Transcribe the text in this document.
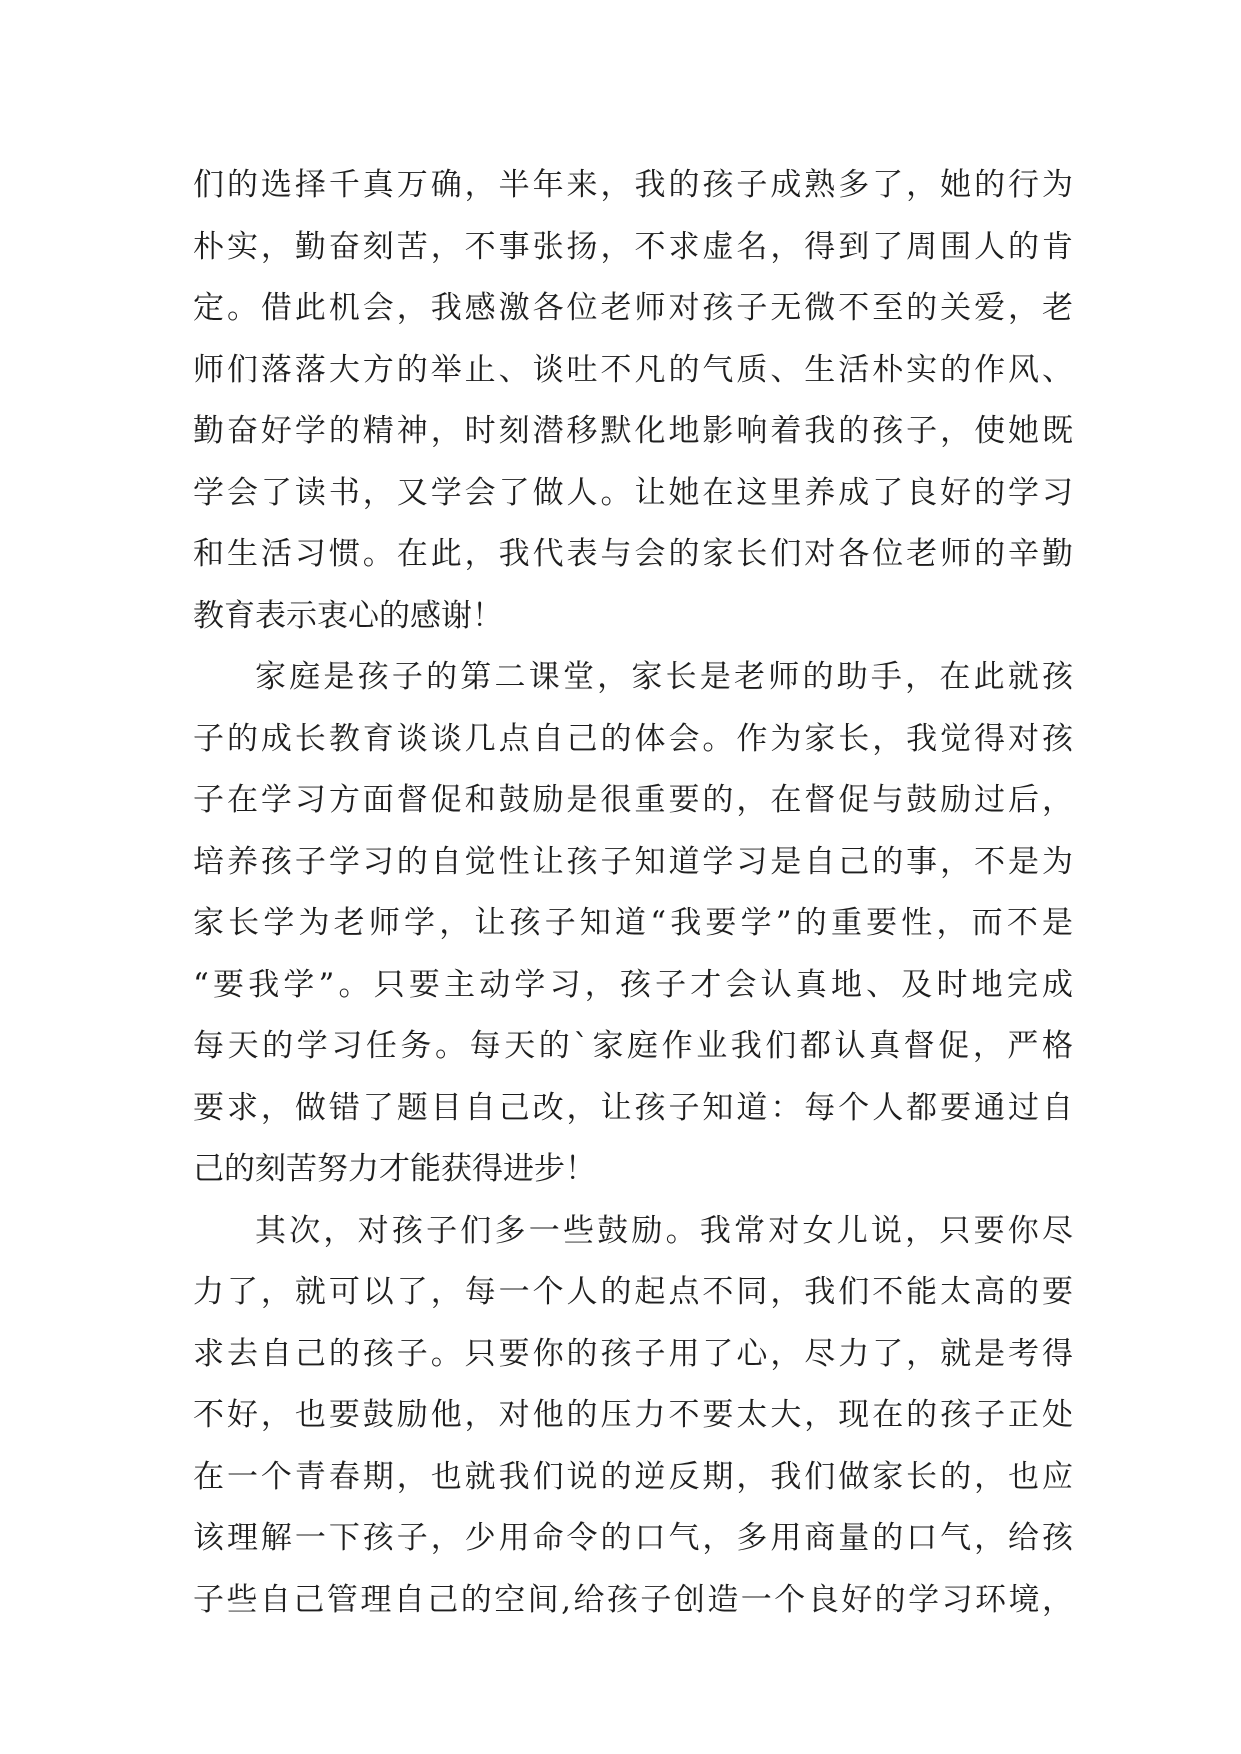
们的选择千真万确，半年来，我的孩子成熟多了，她的行为
朴实，勤奋刻苦，不事张扬，不求虚名，得到了周围人的肯
定。借此机会，我感激各位老师对孩子无微不至的关爱，老
师们落落大方的举止、谈吐不凡的气质、生活朴实的作风、
勤奋好学的精神，时刻潜移默化地影响着我的孩子，使她既
学会了读书，又学会了做人。让她在这里养成了良好的学习
和生活习惯。在此，我代表与会的家长们对各位老师的辛勤
教育表示衷心的感谢！
家庭是孩子的第二课堂，家长是老师的助手，在此就孩
子的成长教育谈谈几点自己的体会。作为家长，我觉得对孩
子在学习方面督促和鼓励是很重要的，在督促与鼓励过后，
培养孩子学习的自觉性让孩子知道学习是自己的事，不是为
家长学为老师学，让孩子知道“我要学”的重要性，而不是
“要我学”。只要主动学习，孩子才会认真地、及时地完成
每天的学习任务。每天的`家庭作业我们都认真督促，严格
要求，做错了题目自己改，让孩子知道：每个人都要通过自
己的刻苦努力才能获得进步！
其次，对孩子们多一些鼓励。我常对女儿说，只要你尽
力了，就可以了，每一个人的起点不同，我们不能太高的要
求去自己的孩子。只要你的孩子用了心，尽力了，就是考得
不好，也要鼓励他，对他的压力不要太大，现在的孩子正处
在一个青春期，也就我们说的逆反期，我们做家长的，也应
该理解一下孩子，少用命令的口气，多用商量的口气，给孩
子些自己管理自己的空间,给孩子创造一个良好的学习环境，
